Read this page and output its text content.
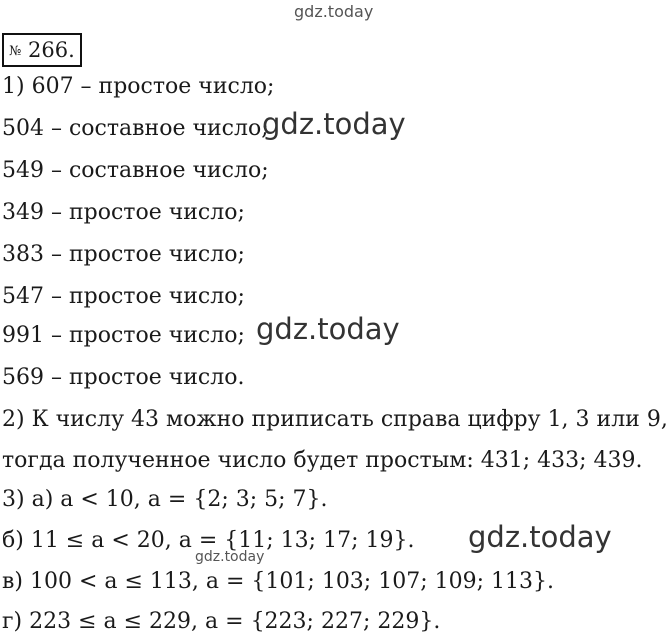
gdz.today
№ 266.
1) 607 – простое число;
504 – составное число;
549 – составное число;
349 – простое число;
383 – простое число;
547 – простое число;
991 – простое число;
569 – простое число.
2) К числу 43 можно приписать справа цифру 1, 3 или 9,
тогда полученное число будет простым: 431; 433; 439.
3) а) a < 10, a = {2; 3; 5; 7}.
б) 11 ≤ a < 20, a = {11; 13; 17; 19}.
в) 100 < a ≤ 113, a = {101; 103; 107; 109; 113}.
г) 223 ≤ a ≤ 229, a = {223; 227; 229}.
gdz.today
gdz.today
gdz.today
gdz.today
